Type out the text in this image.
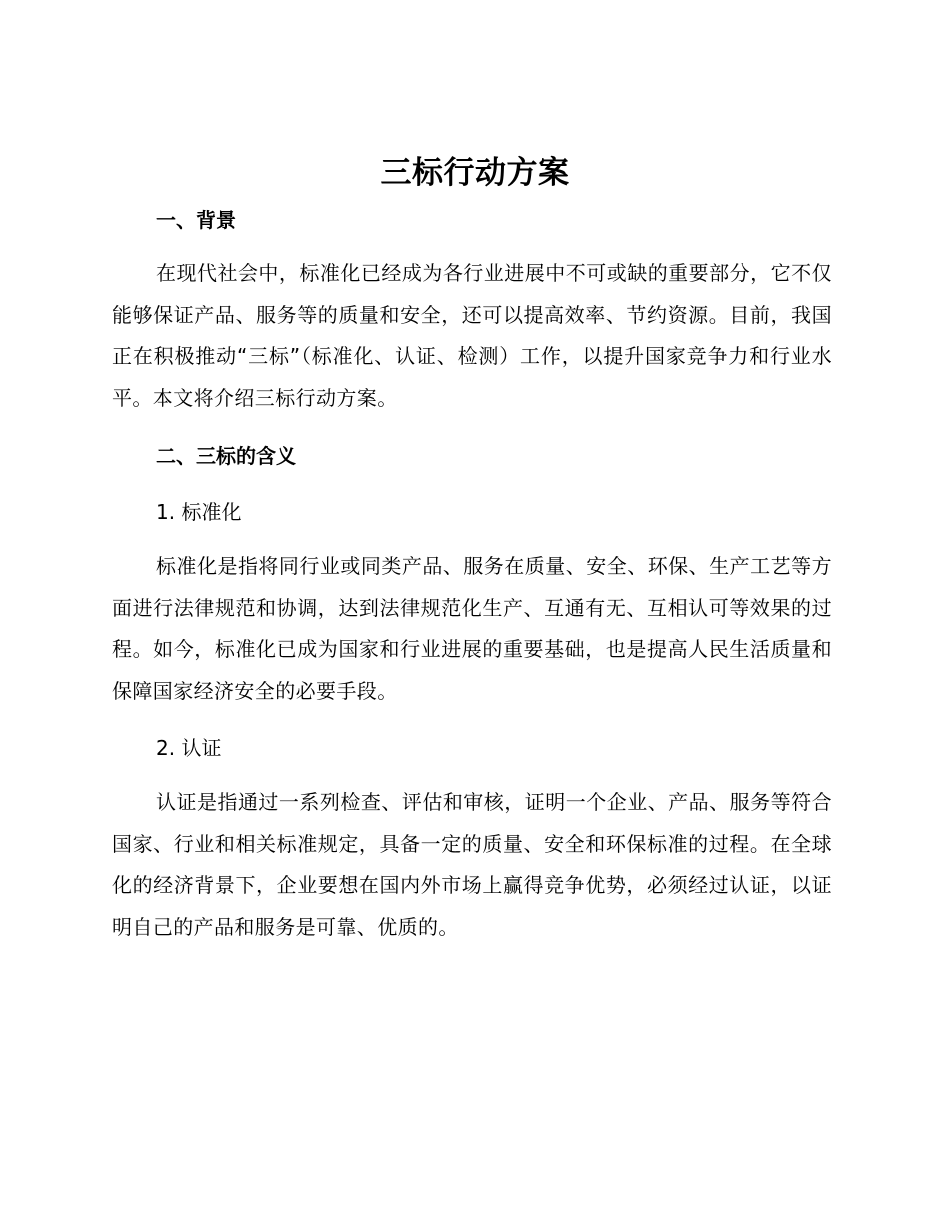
三标行动方案
一、背景

在现代社会中，标准化已经成为各行业进展中不可或缺的重要部分，它不仅能够保证产品、服务等的质量和安全，还可以提高效率、节约资源。目前，我国正在积极推动“三标”（标准化、认证、检测）工作，以提升国家竞争力和行业水平。本文将介绍三标行动方案。

二、三标的含义
1. 标准化

标准化是指将同行业或同类产品、服务在质量、安全、环保、生产工艺等方面进行法律规范和协调，达到法律规范化生产、互通有无、互相认可等效果的过程。如今，标准化已成为国家和行业进展的重要基础，也是提高人民生活质量和保障国家经济安全的必要手段。

2. 认证

认证是指通过一系列检查、评估和审核，证明一个企业、产品、服务等符合国家、行业和相关标准规定，具备一定的质量、安全和环保标准的过程。在全球化的经济背景下，企业要想在国内外市场上赢得竞争优势，必须经过认证，以证明自己的产品和服务是可靠、优质的。
